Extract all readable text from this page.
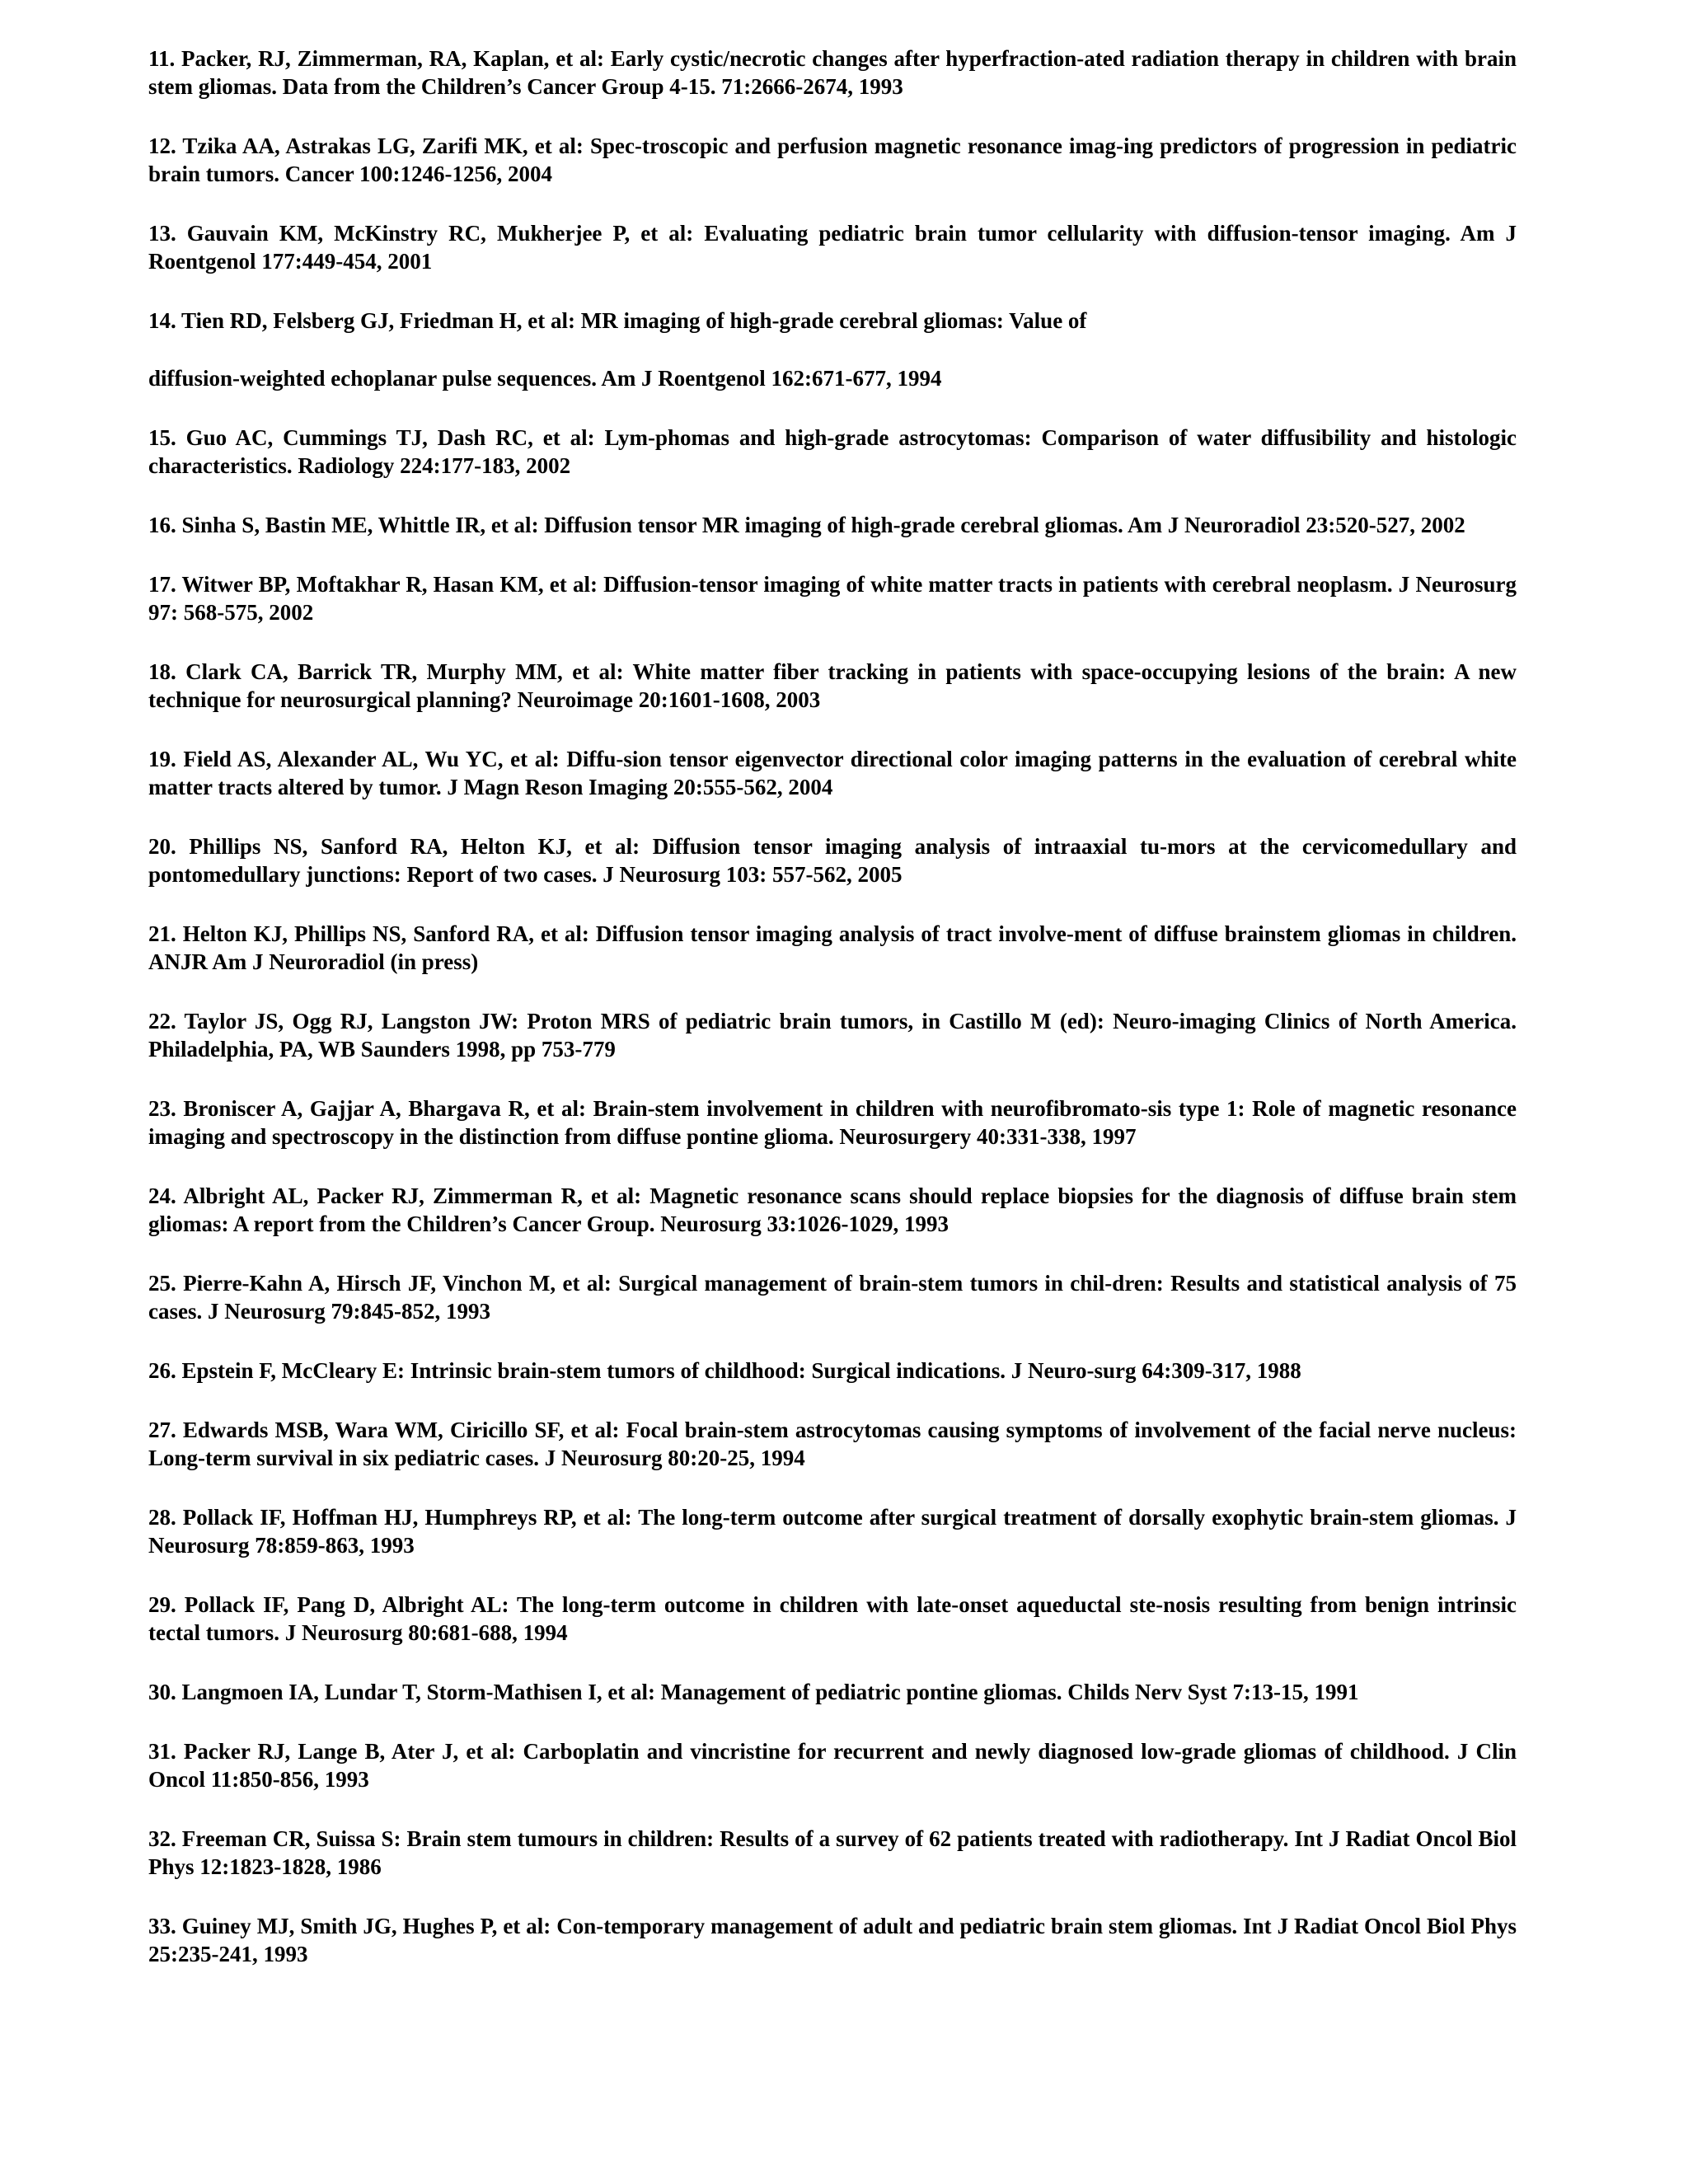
11. Packer, RJ, Zimmerman, RA, Kaplan, et al: Early cystic/necrotic changes after hyperfraction-ated radiation therapy in children with brain stem gliomas. Data from the Children’s Cancer Group 4-15. 71:2666-2674, 1993

12. Tzika AA, Astrakas LG, Zarifi MK, et al: Spec-troscopic and perfusion magnetic resonance imag-ing predictors of progression in pediatric brain tumors. Cancer 100:1246-1256, 2004

13. Gauvain KM, McKinstry RC, Mukherjee P, et al: Evaluating pediatric brain tumor cellularity with diffusion-tensor imaging. Am J Roentgenol 177:449-454, 2001

14. Tien RD, Felsberg GJ, Friedman H, et al: MR imaging of high-grade cerebral gliomas: Value of

diffusion-weighted echoplanar pulse sequences. Am J Roentgenol 162:671-677, 1994

15. Guo AC, Cummings TJ, Dash RC, et al: Lym-phomas and high-grade astrocytomas: Comparison of water diffusibility and histologic characteristics. Radiology 224:177-183, 2002

16. Sinha S, Bastin ME, Whittle IR, et al: Diffusion tensor MR imaging of high-grade cerebral gliomas. Am J Neuroradiol 23:520-527, 2002

17. Witwer BP, Moftakhar R, Hasan KM, et al: Diffusion-tensor imaging of white matter tracts in patients with cerebral neoplasm. J Neurosurg 97: 568-575, 2002

18. Clark CA, Barrick TR, Murphy MM, et al: White matter fiber tracking in patients with space-occupying lesions of the brain: A new technique for neurosurgical planning? Neuroimage 20:1601-1608, 2003

19. Field AS, Alexander AL, Wu YC, et al: Diffu-sion tensor eigenvector directional color imaging patterns in the evaluation of cerebral white matter tracts altered by tumor. J Magn Reson Imaging 20:555-562, 2004

20. Phillips NS, Sanford RA, Helton KJ, et al: Diffusion tensor imaging analysis of intraaxial tu-mors at the cervicomedullary and pontomedullary junctions: Report of two cases. J Neurosurg 103: 557-562, 2005

21. Helton KJ, Phillips NS, Sanford RA, et al: Diffusion tensor imaging analysis of tract involve-ment of diffuse brainstem gliomas in children. ANJR Am J Neuroradiol (in press)

22. Taylor JS, Ogg RJ, Langston JW: Proton MRS of pediatric brain tumors, in Castillo M (ed): Neuro-imaging Clinics of North America. Philadelphia, PA, WB Saunders 1998, pp 753-779

23. Broniscer A, Gajjar A, Bhargava R, et al: Brain-stem involvement in children with neurofibromato-sis type 1: Role of magnetic resonance imaging and spectroscopy in the distinction from diffuse pontine glioma. Neurosurgery 40:331-338, 1997

24. Albright AL, Packer RJ, Zimmerman R, et al: Magnetic resonance scans should replace biopsies for the diagnosis of diffuse brain stem gliomas: A report from the Children’s Cancer Group. Neurosurg 33:1026-1029, 1993

25. Pierre-Kahn A, Hirsch JF, Vinchon M, et al: Surgical management of brain-stem tumors in chil-dren: Results and statistical analysis of 75 cases. J Neurosurg 79:845-852, 1993

26. Epstein F, McCleary E: Intrinsic brain-stem tumors of childhood: Surgical indications. J Neuro-surg 64:309-317, 1988

27. Edwards MSB, Wara WM, Ciricillo SF, et al: Focal brain-stem astrocytomas causing symptoms of involvement of the facial nerve nucleus: Long-term survival in six pediatric cases. J Neurosurg 80:20-25, 1994

28. Pollack IF, Hoffman HJ, Humphreys RP, et al: The long-term outcome after surgical treatment of dorsally exophytic brain-stem gliomas. J Neurosurg 78:859-863, 1993

29. Pollack IF, Pang D, Albright AL: The long-term outcome in children with late-onset aqueductal ste-nosis resulting from benign intrinsic tectal tumors. J Neurosurg 80:681-688, 1994

30. Langmoen IA, Lundar T, Storm-Mathisen I, et al: Management of pediatric pontine gliomas. Childs Nerv Syst 7:13-15, 1991

31. Packer RJ, Lange B, Ater J, et al: Carboplatin and vincristine for recurrent and newly diagnosed low-grade gliomas of childhood. J Clin Oncol 11:850-856, 1993

32. Freeman CR, Suissa S: Brain stem tumours in children: Results of a survey of 62 patients treated with radiotherapy. Int J Radiat Oncol Biol Phys 12:1823-1828, 1986

33. Guiney MJ, Smith JG, Hughes P, et al: Con-temporary management of adult and pediatric brain stem gliomas. Int J Radiat Oncol Biol Phys 25:235-241, 1993
